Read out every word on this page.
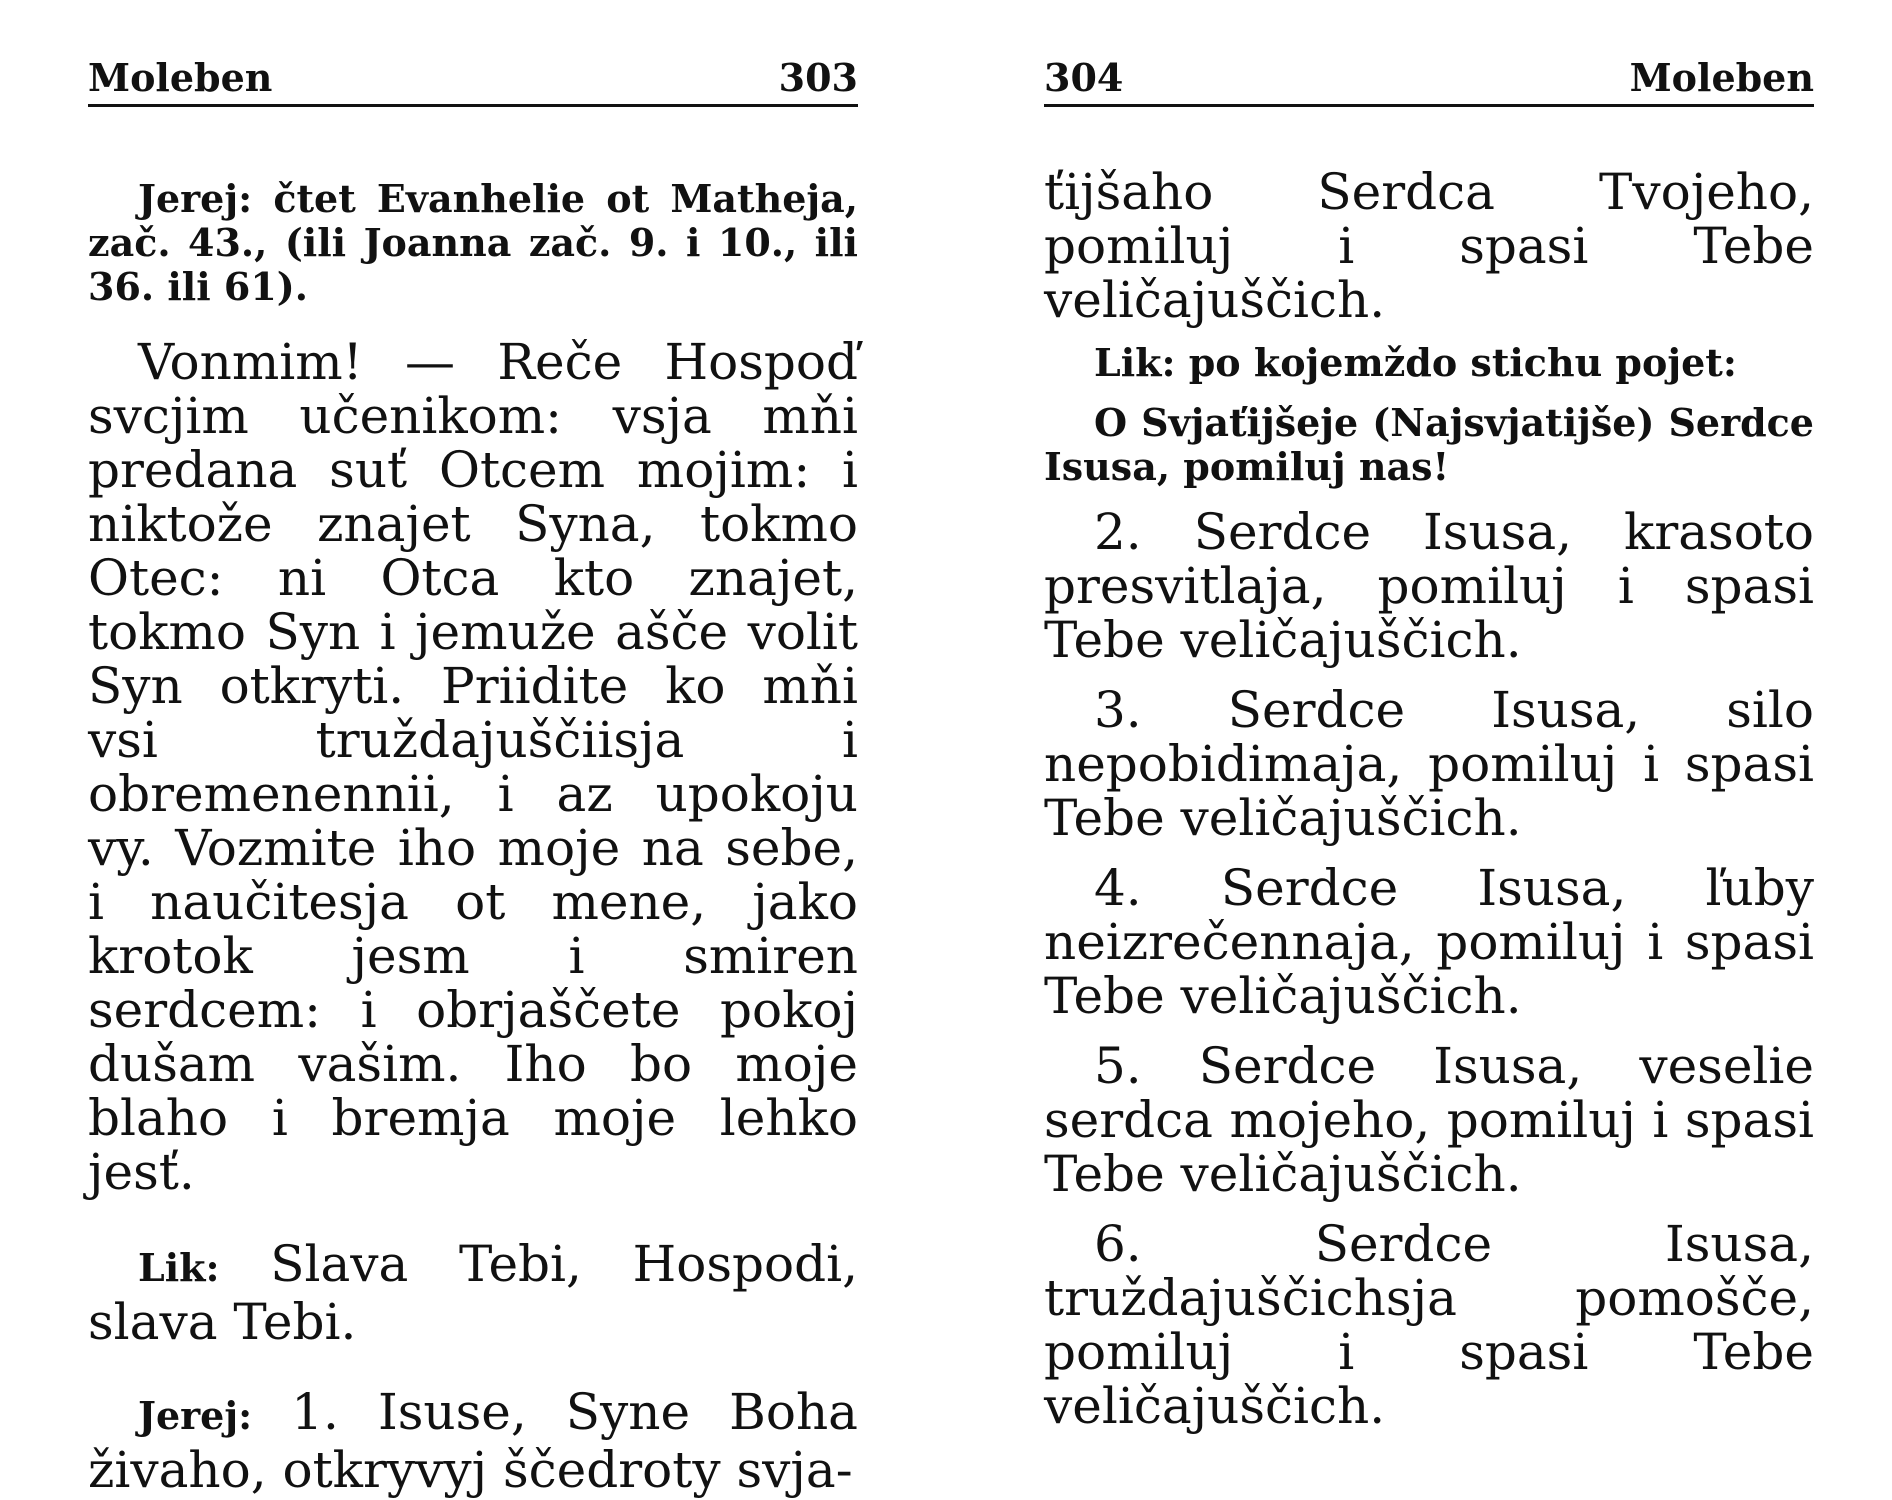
Moleben	303

Jerej: čtet Evanhelie ot Matheja, zač. 43., (ili Joanna zač. 9. i 10., ili 36. ili 61).

Vonmim! — Reče Hospoď svcjim učenikom: vsja mňi predana suť Otcem mojim: i niktože znajet Syna, tokmo Otec: ni Otca kto znajet, tokmo Syn i jemuže ašče volit Syn otkryti. Priidite ko mňi vsi truždajuščiisja i obremenennii, i az upokoju vy. Vozmite iho moje na sebe, i naučitesja ot mene, jako krotok jesm i smiren serdcem: i obrjaščete pokoj dušam vašim. Iho bo moje blaho i bremja moje lehko jesť.

Lik: Slava Tebi, Hospodi, slava Tebi.

Jerej: 1. Isuse, Syne Boha živaho, otkryvyj ščedroty svja-

304	Moleben

ťijšaho Serdca Tvojeho, pomiluj i spasi Tebe veličajuščich.

Lik: po kojemždo stichu pojet:

O Svjaťijšeje (Najsvjatijše) Serdce Isusa, pomiluj nas!

2. Serdce Isusa, krasoto presvitlaja, pomiluj i spasi Tebe veličajuščich.

3. Serdce Isusa, silo nepobidimaja, pomiluj i spasi Tebe veličajuščich.

4. Serdce Isusa, ľuby neizrečennaja, pomiluj i spasi Tebe veličajuščich.

5. Serdce Isusa, veselie serdca mojeho, pomiluj i spasi Tebe veličajuščich.

6. Serdce Isusa, truždajuščichsja pomošče, pomiluj i spasi Tebe veličajuščich.
